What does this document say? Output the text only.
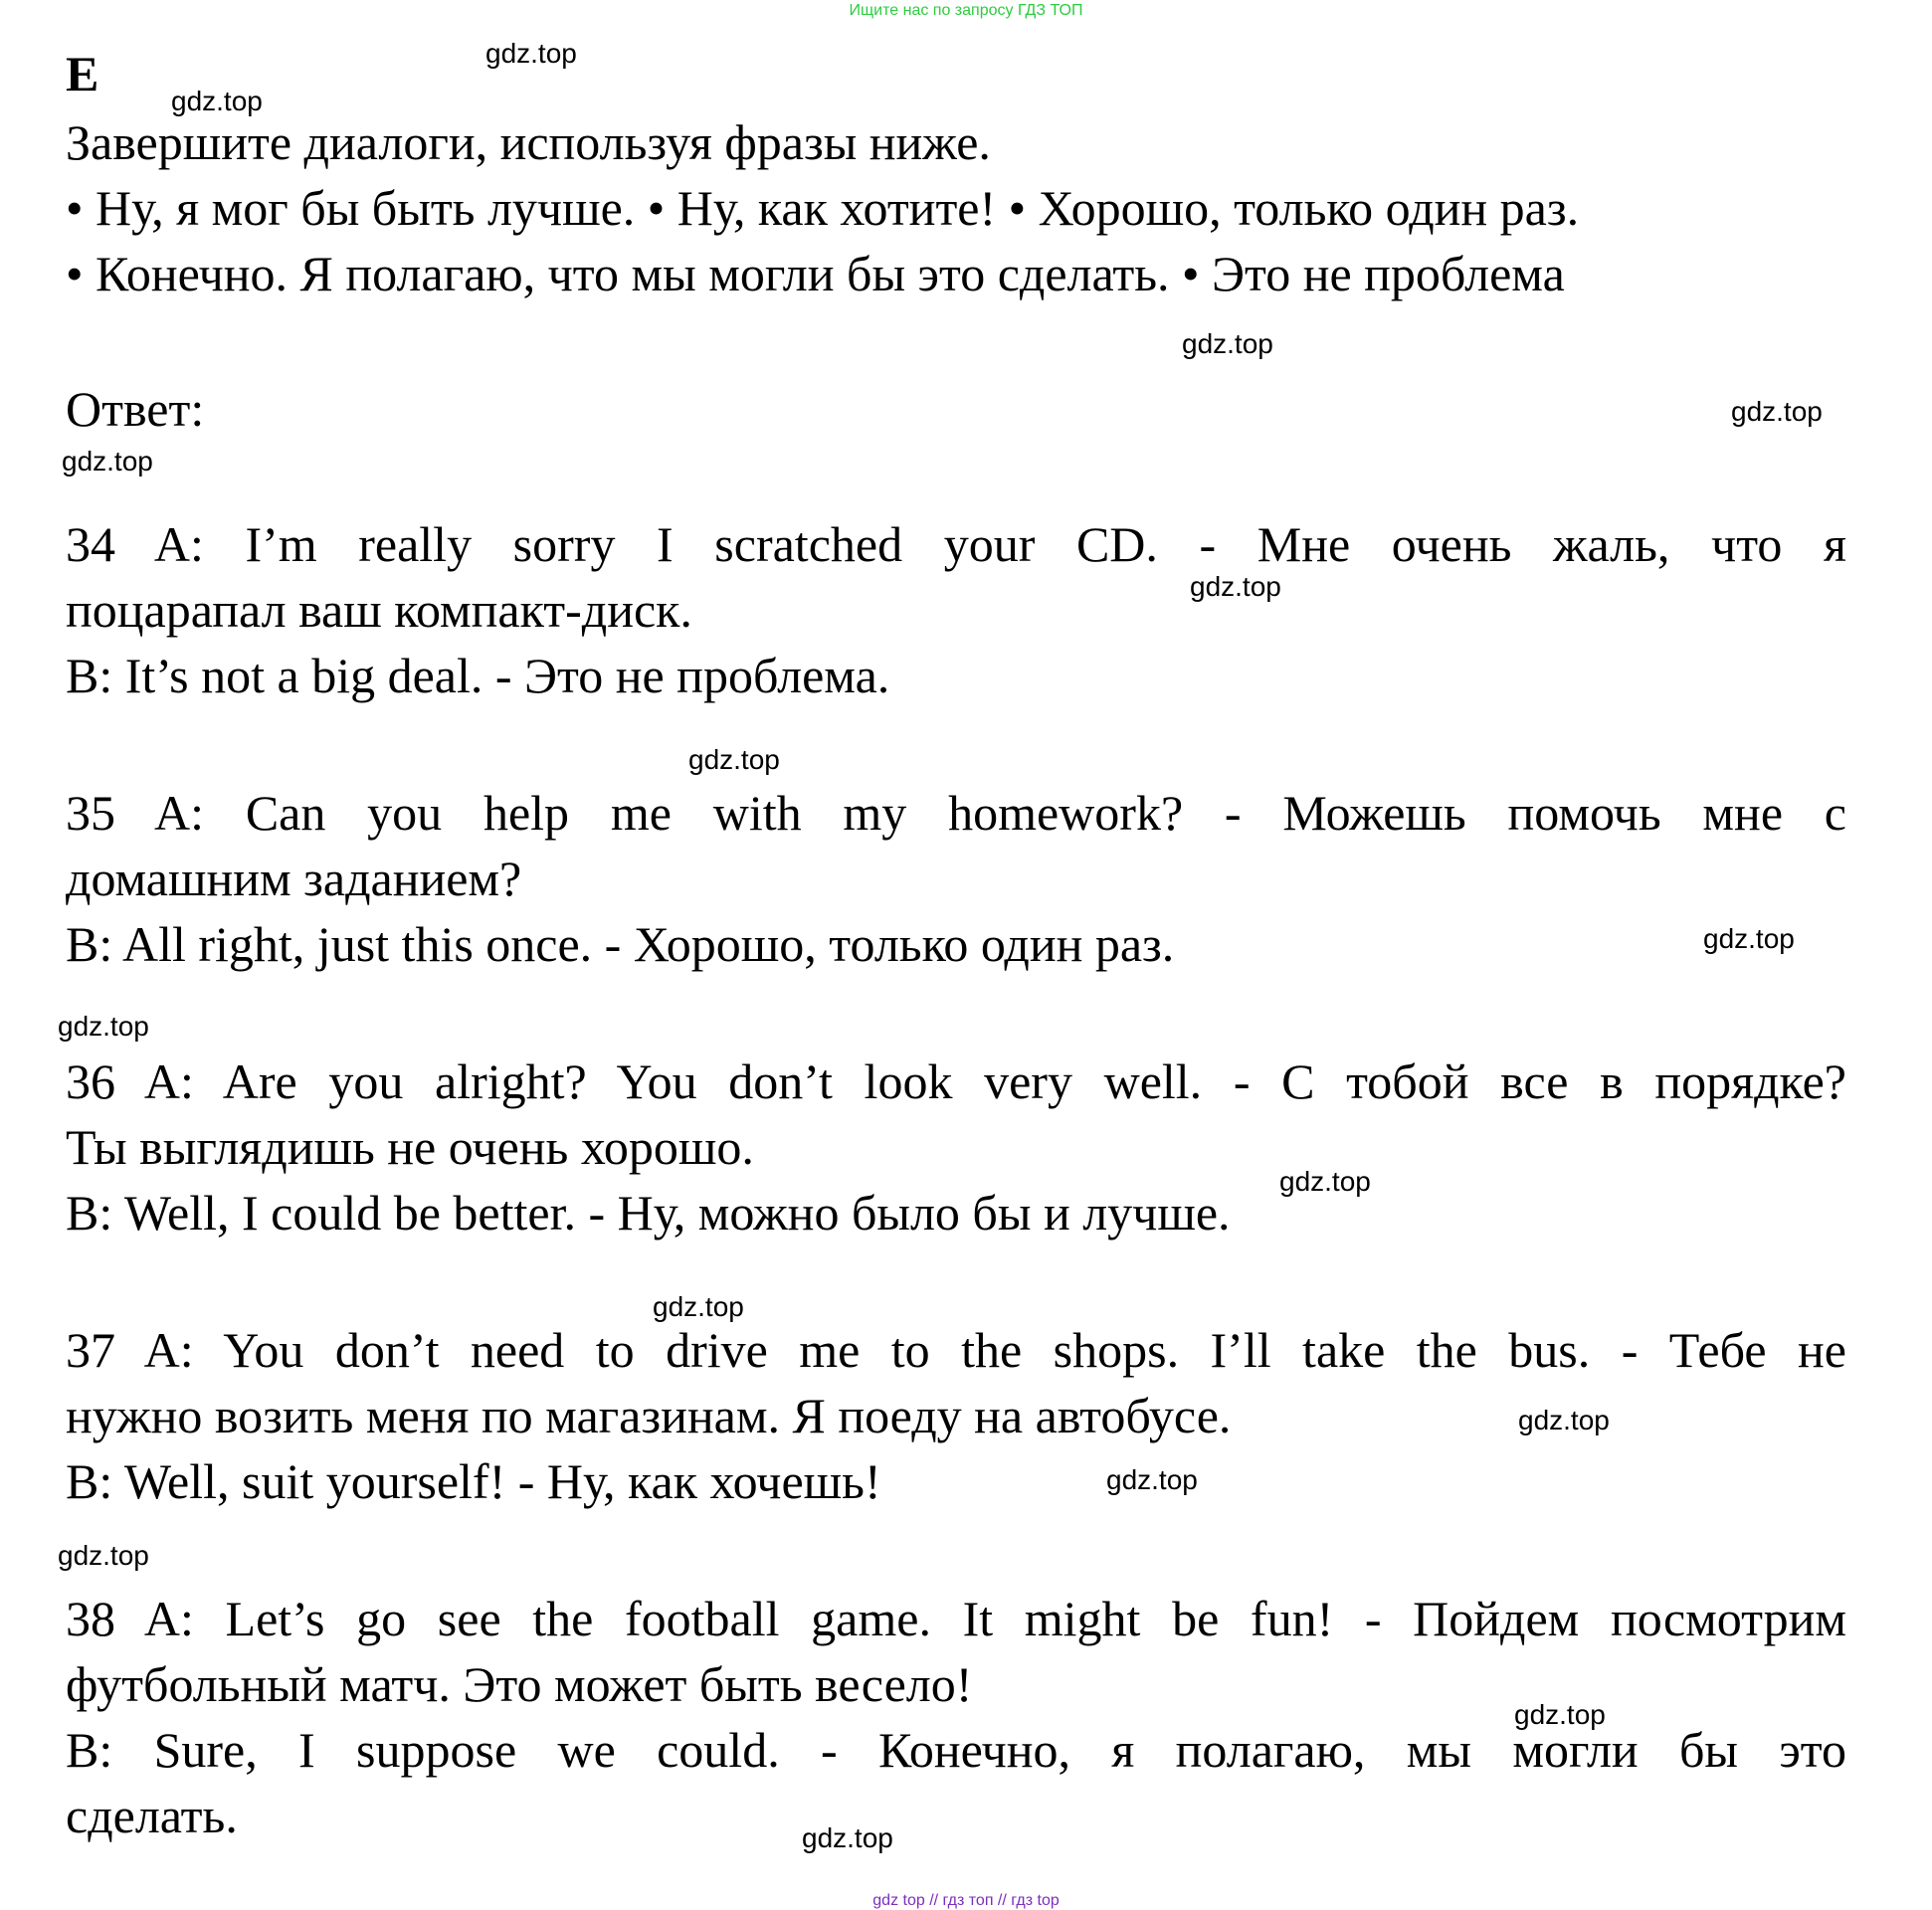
Ищите нас по запросу ГДЗ ТОП
E
Завершите диалоги, используя фразы ниже.
• Ну, я мог бы быть лучше. • Ну, как хотите! • Хорошо, только один раз.
• Конечно. Я полагаю, что мы могли бы это сделать. • Это не проблема
Ответ:
34 A: I’m really sorry I scratched your CD. - Мне очень жаль, что я
поцарапал ваш компакт-диск.
B: It’s not a big deal. - Это не проблема.
35 A: Can you help me with my homework? - Можешь помочь мне с
домашним заданием?
B: All right, just this once. - Хорошо, только один раз.
36 A: Are you alright? You don’t look very well. - С тобой все в порядке?
Ты выглядишь не очень хорошо.
B: Well, I could be better. - Ну, можно было бы и лучше.
37 A: You don’t need to drive me to the shops. I’ll take the bus. - Тебе не
нужно возить меня по магазинам. Я поеду на автобусе.
B: Well, suit yourself! - Ну, как хочешь!
38 A: Let’s go see the football game. It might be fun! - Пойдем посмотрим
футбольный матч. Это может быть весело!
B: Sure, I suppose we could. - Конечно, я полагаю, мы могли бы это
сделать.
gdz.top
gdz.top
gdz.top
gdz.top
gdz.top
gdz.top
gdz.top
gdz.top
gdz.top
gdz.top
gdz.top
gdz.top
gdz.top
gdz.top
gdz.top
gdz.top
gdz top // гдз топ // гдз top
